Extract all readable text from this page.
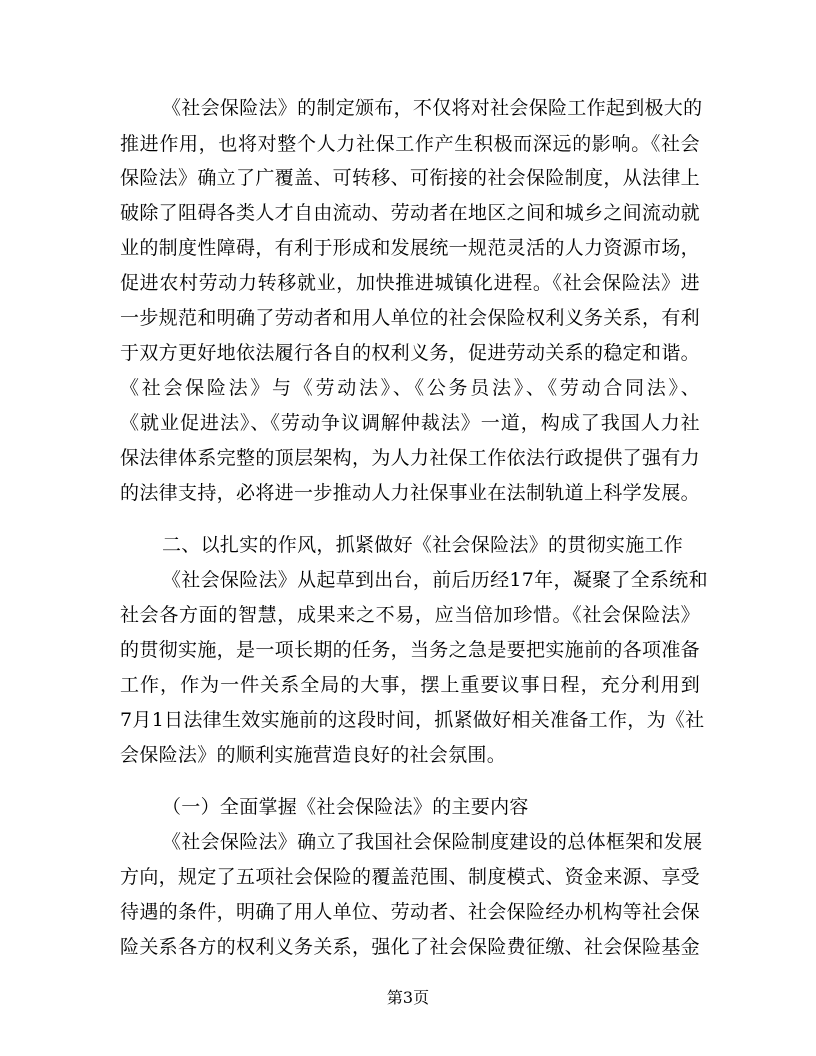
《社会保险法》的制定颁布，不仅将对社会保险工作起到极大的
推进作用，也将对整个人力社保工作产生积极而深远的影响。《社会
保险法》确立了广覆盖、可转移、可衔接的社会保险制度，从法律上
破除了阻碍各类人才自由流动、劳动者在地区之间和城乡之间流动就
业的制度性障碍，有利于形成和发展统一规范灵活的人力资源市场，
促进农村劳动力转移就业，加快推进城镇化进程。《社会保险法》进
一步规范和明确了劳动者和用人单位的社会保险权利义务关系，有利
于双方更好地依法履行各自的权利义务，促进劳动关系的稳定和谐。
《社会保险法》与《劳动法》、《公务员法》、《劳动合同法》、
《就业促进法》、《劳动争议调解仲裁法》一道，构成了我国人力社
保法律体系完整的顶层架构，为人力社保工作依法行政提供了强有力
的法律支持，必将进一步推动人力社保事业在法制轨道上科学发展。
二、以扎实的作风，抓紧做好《社会保险法》的贯彻实施工作
《社会保险法》从起草到出台，前后历经17年，凝聚了全系统和
社会各方面的智慧，成果来之不易，应当倍加珍惜。《社会保险法》
的贯彻实施，是一项长期的任务，当务之急是要把实施前的各项准备
工作，作为一件关系全局的大事，摆上重要议事日程，充分利用到
7月1日法律生效实施前的这段时间，抓紧做好相关准备工作，为《社
会保险法》的顺利实施营造良好的社会氛围。
（一）全面掌握《社会保险法》的主要内容
《社会保险法》确立了我国社会保险制度建设的总体框架和发展
方向，规定了五项社会保险的覆盖范围、制度模式、资金来源、享受
待遇的条件，明确了用人单位、劳动者、社会保险经办机构等社会保
险关系各方的权利义务关系，强化了社会保险费征缴、社会保险基金
第3页
